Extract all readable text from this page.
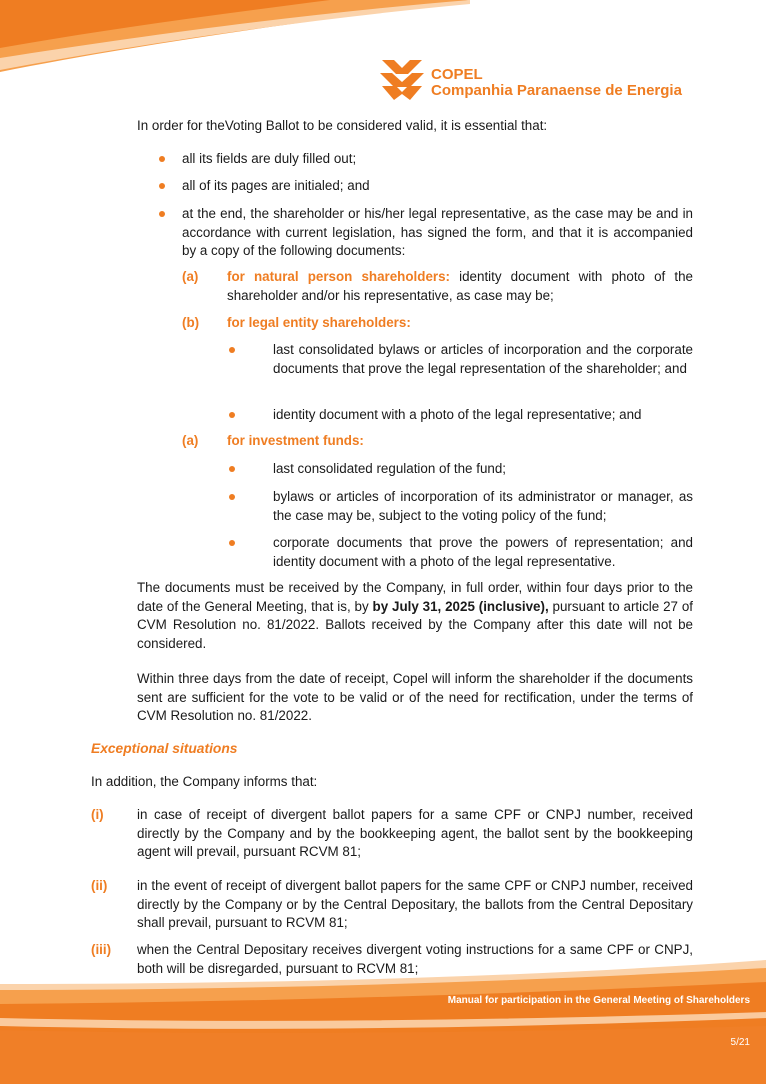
COPEL
Companhia Paranaense de Energia

In order for theVoting Ballot to be considered valid, it is essential that:

all its fields are duly filled out;

all of its pages are initialed; and

at the end, the shareholder or his/her legal representative, as the case may be and in accordance with current legislation, has signed the form, and that it is accompanied by a copy of the following documents:

(a) for natural person shareholders: identity document with photo of the shareholder and/or his representative, as case may be;

(b) for legal entity shareholders:

last consolidated bylaws or articles of incorporation and the corporate documents that prove the legal representation of the shareholder; and

identity document with a photo of the legal representative; and

(a) for investment funds:

last consolidated regulation of the fund;

bylaws or articles of incorporation of its administrator or manager, as the case may be, subject to the voting policy of the fund;

corporate documents that prove the powers of representation; and identity document with a photo of the legal representative.

The documents must be received by the Company, in full order, within four days prior to the date of the General Meeting, that is, by by July 31, 2025 (inclusive), pursuant to article 27 of CVM Resolution no. 81/2022. Ballots received by the Company after this date will not be considered.

Within three days from the date of receipt, Copel will inform the shareholder if the documents sent are sufficient for the vote to be valid or of the need for rectification, under the terms of CVM Resolution no. 81/2022.

Exceptional situations

In addition, the Company informs that:

(i) in case of receipt of divergent ballot papers for a same CPF or CNPJ number, received directly by the Company and by the bookkeeping agent, the ballot sent by the bookkeeping agent will prevail, pursuant RCVM 81;

(ii) in the event of receipt of divergent ballot papers for the same CPF or CNPJ number, received directly by the Company or by the Central Depositary, the ballots from the Central Depositary shall prevail, pursuant to RCVM 81;

(iii) when the Central Depositary receives divergent voting instructions for a same CPF or CNPJ, both will be disregarded, pursuant to RCVM 81;

Manual for participation in the General Meeting of Shareholders
5/21
